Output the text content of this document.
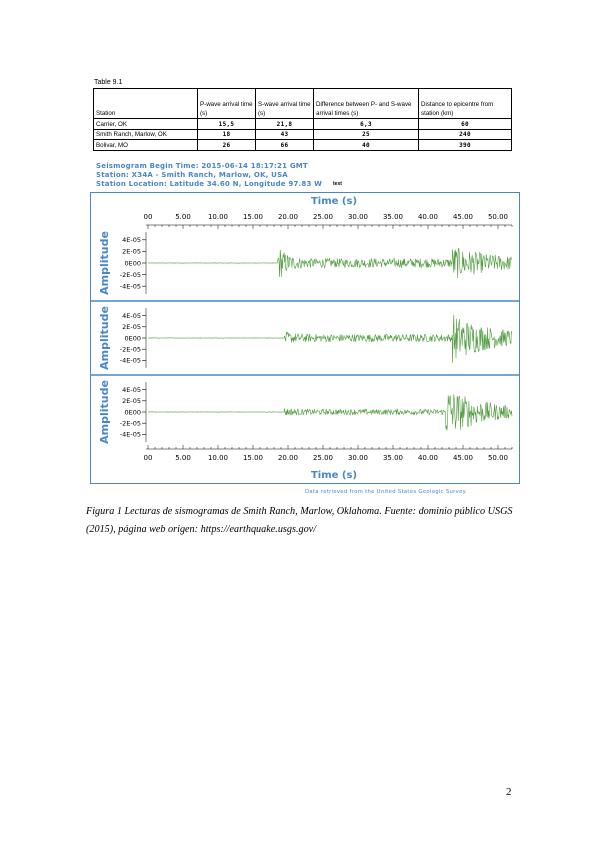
Table 9.1
Station	P-wave arrival time (s)	S-wave arrival time (s)	Difference between P- and S-wave arrival times (s)	Distance to epicentre from station (km)
Carrier, OK	15,5	21,8	6,3	60
Smith Ranch, Marlow, OK	18	43	25	240
Bolivar, MO	26	66	40	390
Seismogram Begin Time: 2015-06-14 18:17:21 GMT
Station: X34A - Smith Ranch, Marlow, OK, USA
Station Location: Latitude 34.60 N, Longitude 97.83 W text
Time (s)
Time (s)
00	5.00 10.00 15.00 20.00 25.00 30.00 35.00 40.00 45.00 50.00
00	5.00 10.00 15.00 20.00 25.00 30.00 35.00 40.00 45.00 50.00
4E-05
2E-05
0E00
-2E-05
-4E-05
Amplitude
4E-05
2E-05
0E00
-2E-05
-4E-05
Amplitude
4E-05
2E-05
0E00
-2E-05
-4E-05
Amplitude
Data retrieved from the United States Geologic Survey.
Figura 1 Lecturas de sismogramas de Smith Ranch, Marlow, Oklahoma. Fuente: dominio público USGS (2015), página web origen: https://earthquake.usgs.gov/
2
